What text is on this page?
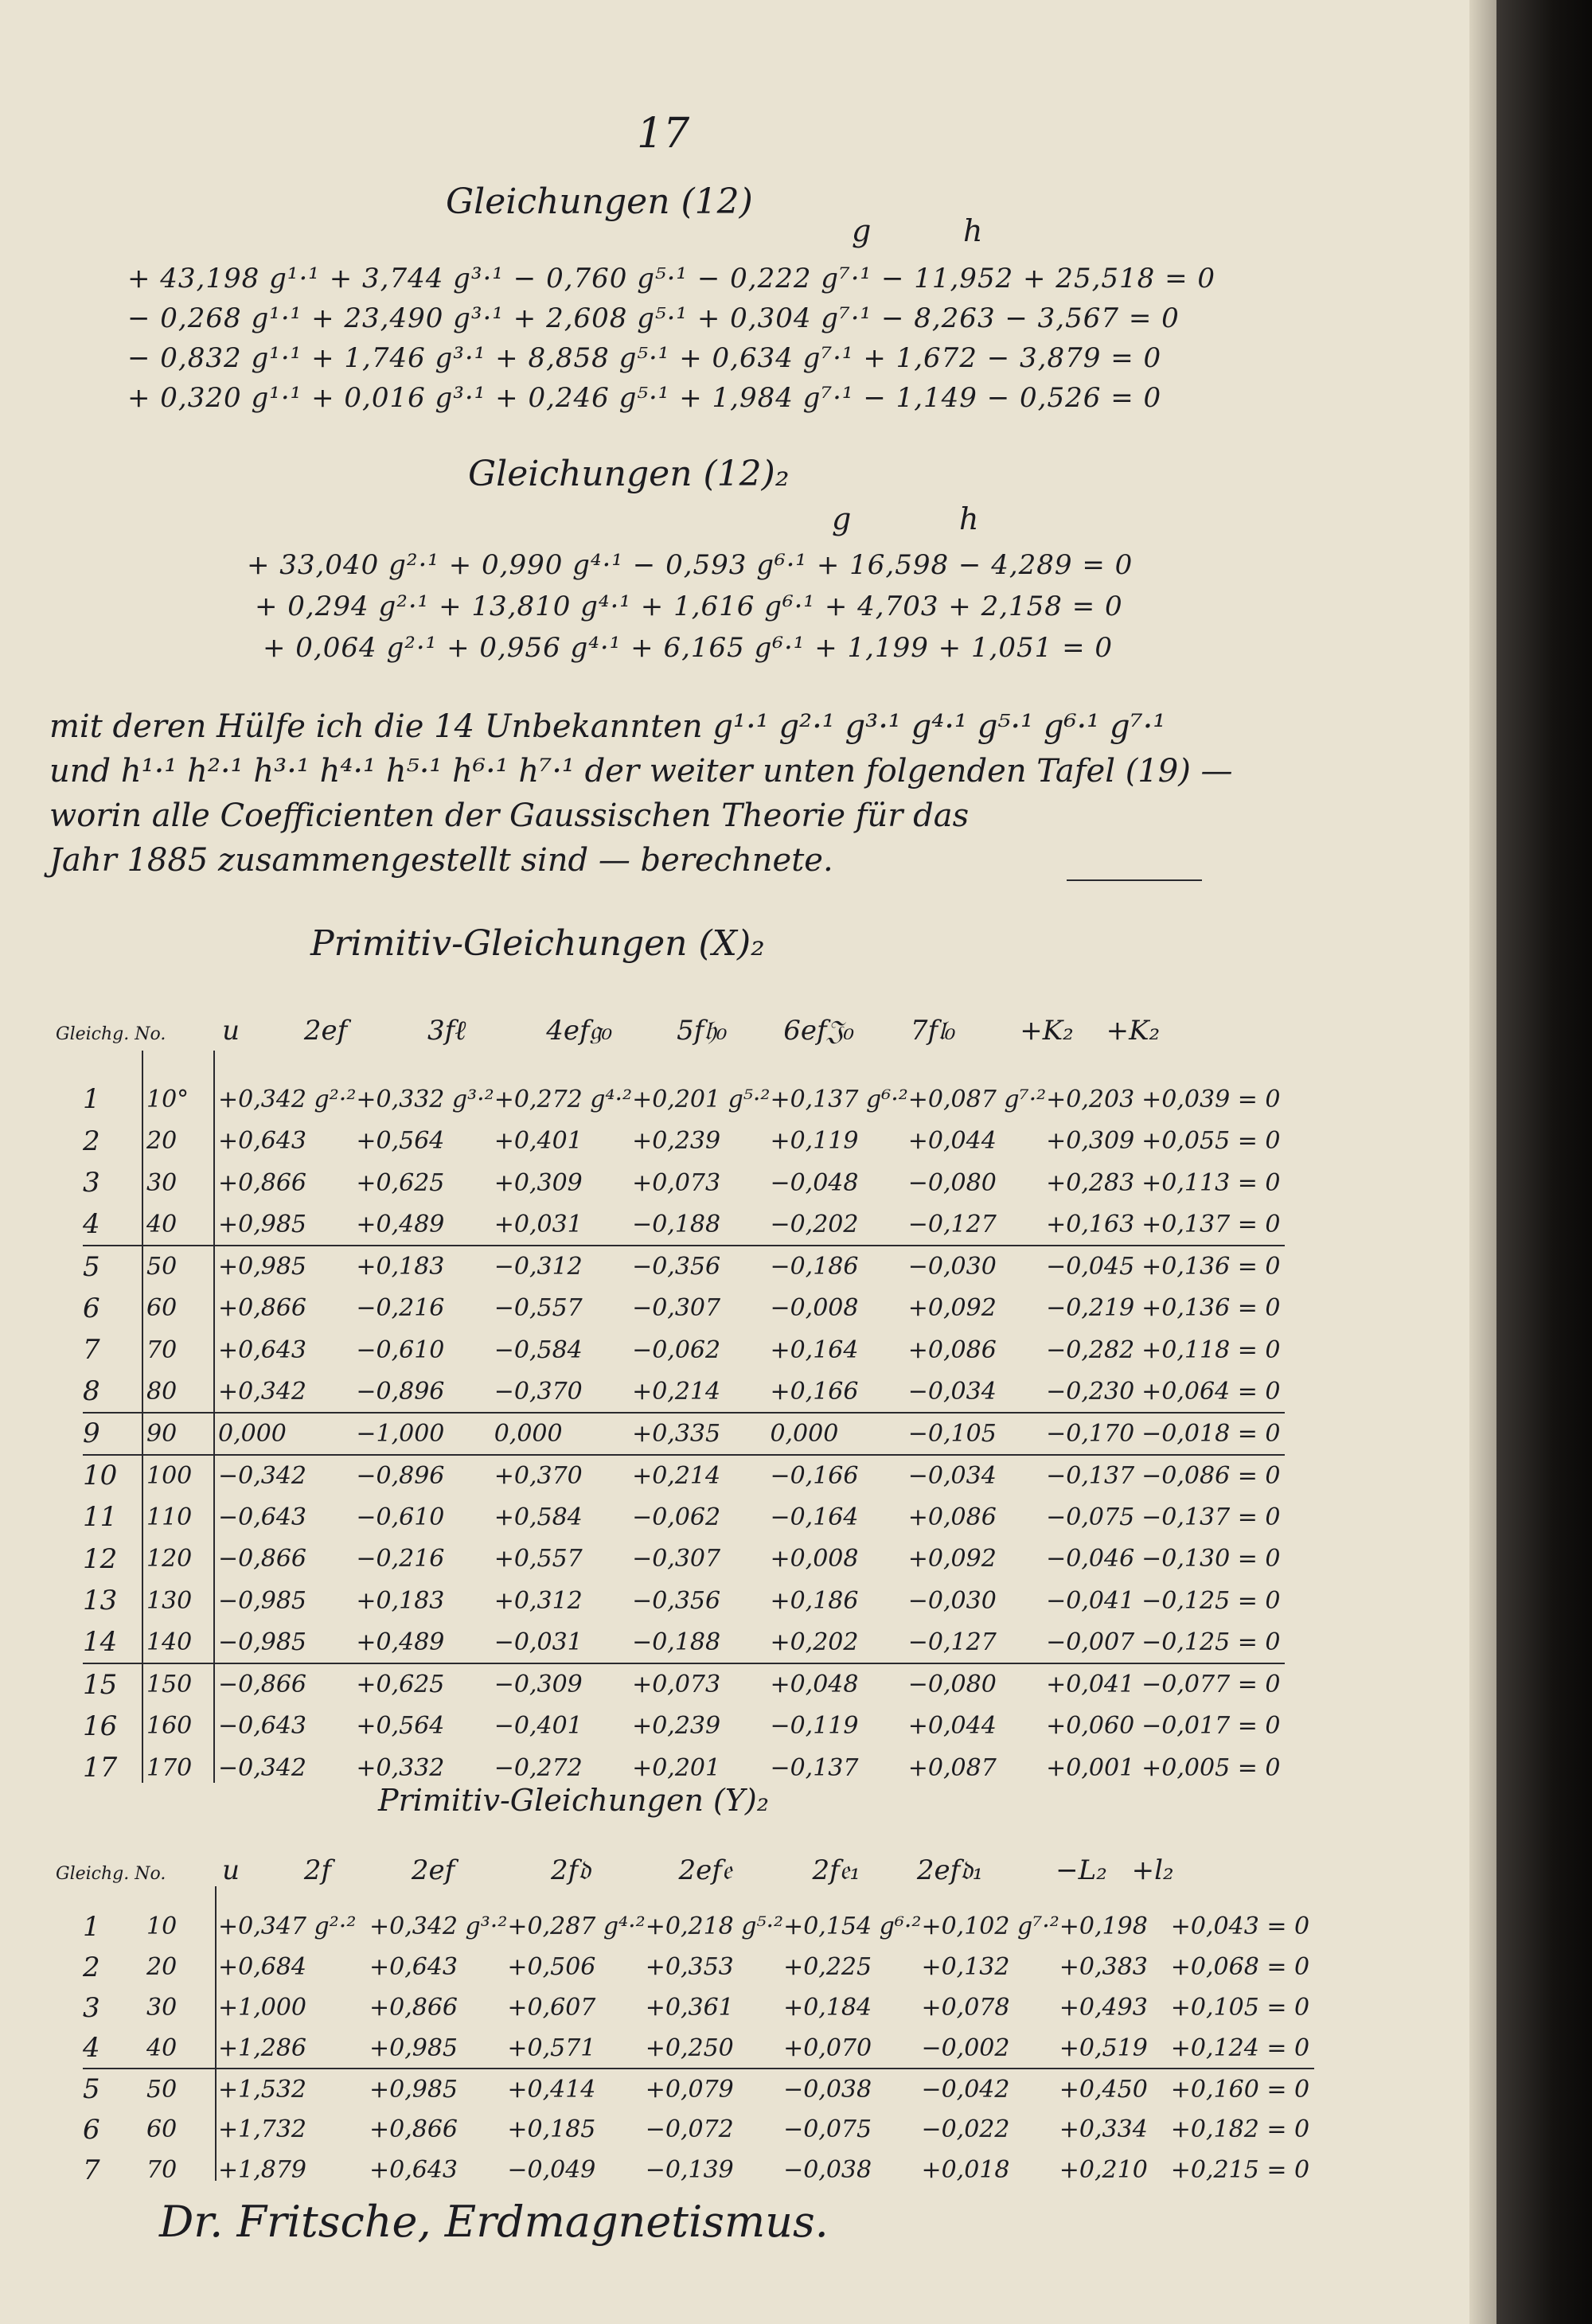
17
Gleichungen (12)
g	h
+ 43,198 g¹·¹ + 3,744 g³·¹ − 0,760 g⁵·¹ − 0,222 g⁷·¹ − 11,952 + 25,518 = 0
− 0,268 g¹·¹ + 23,490 g³·¹ + 2,608 g⁵·¹ + 0,304 g⁷·¹ − 8,263 − 3,567 = 0
− 0,832 g¹·¹ + 1,746 g³·¹ + 8,858 g⁵·¹ + 0,634 g⁷·¹ + 1,672 − 3,879 = 0
+ 0,320 g¹·¹ + 0,016 g³·¹ + 0,246 g⁵·¹ + 1,984 g⁷·¹ − 1,149 − 0,526 = 0
Gleichungen (12)₂
g	h
+ 33,040 g²·¹ + 0,990 g⁴·¹ − 0,593 g⁶·¹ + 16,598 − 4,289 = 0
+ 0,294 g²·¹ + 13,810 g⁴·¹ + 1,616 g⁶·¹ + 4,703 + 2,158 = 0
+ 0,064 g²·¹ + 0,956 g⁴·¹ + 6,165 g⁶·¹ + 1,199 + 1,051 = 0
mit deren Hülfe ich die 14 Unbekannten g¹·¹ g²·¹ g³·¹ g⁴·¹ g⁵·¹ g⁶·¹ g⁷·¹
und h¹·¹ h²·¹ h³·¹ h⁴·¹ h⁵·¹ h⁶·¹ h⁷·¹ der weiter unten folgenden Tafel (19) —
worin alle Coefficienten der Gaussischen Theorie für das
Jahr 1885 zusammengestellt sind — berechnete.
Primitiv-Gleichungen (X)₂
Gleichg. No. u 2ef	3fℓ	4ef𝔤₀ 5f𝔥₀ 6ef𝔍₀ 7f𝔩₀ +K₂ +K₂
1	10°	+0,342 g²·²	+0,332 g³·²	+0,272 g⁴·²	+0,201 g⁵·²	+0,137 g⁶·²	+0,087 g⁷·²	+0,203	+0,039 = 0
2	20	+0,643	+0,564	+0,401	+0,239	+0,119	+0,044	+0,309	+0,055 = 0
3	30	+0,866	+0,625	+0,309	+0,073	−0,048	−0,080	+0,283	+0,113 = 0
4	40	+0,985	+0,489	+0,031	−0,188	−0,202	−0,127	+0,163	+0,137 = 0
5	50	+0,985	+0,183	−0,312	−0,356	−0,186	−0,030	−0,045	+0,136 = 0
6	60	+0,866	−0,216	−0,557	−0,307	−0,008	+0,092	−0,219	+0,136 = 0
7	70	+0,643	−0,610	−0,584	−0,062	+0,164	+0,086	−0,282	+0,118 = 0
8	80	+0,342	−0,896	−0,370	+0,214	+0,166	−0,034	−0,230	+0,064 = 0
9	90	0,000	−1,000	0,000	+0,335	0,000	−0,105	−0,170	−0,018 = 0
10	100	−0,342	−0,896	+0,370	+0,214	−0,166	−0,034	−0,137	−0,086 = 0
11	110	−0,643	−0,610	+0,584	−0,062	−0,164	+0,086	−0,075	−0,137 = 0
12	120	−0,866	−0,216	+0,557	−0,307	+0,008	+0,092	−0,046	−0,130 = 0
13	130	−0,985	+0,183	+0,312	−0,356	+0,186	−0,030	−0,041	−0,125 = 0
14	140	−0,985	+0,489	−0,031	−0,188	+0,202	−0,127	−0,007	−0,125 = 0
15	150	−0,866	+0,625	−0,309	+0,073	+0,048	−0,080	+0,041	−0,077 = 0
16	160	−0,643	+0,564	−0,401	+0,239	−0,119	+0,044	+0,060	−0,017 = 0
17	170	−0,342	+0,332	−0,272	+0,201	−0,137	+0,087	+0,001	+0,005 = 0
Primitiv-Gleichungen (Y)₂
Gleichg. No. u 2f	2ef	2f𝔡	2ef𝔢	2f𝔢₁ 2ef𝔡₁	−L₂ +l₂
1	10	+0,347 g²·²	+0,342 g³·²	+0,287 g⁴·²	+0,218 g⁵·²	+0,154 g⁶·²	+0,102 g⁷·²	+0,198	+0,043 = 0
2	20	+0,684	+0,643	+0,506	+0,353	+0,225	+0,132	+0,383	+0,068 = 0
3	30	+1,000	+0,866	+0,607	+0,361	+0,184	+0,078	+0,493	+0,105 = 0
4	40	+1,286	+0,985	+0,571	+0,250	+0,070	−0,002	+0,519	+0,124 = 0
5	50	+1,532	+0,985	+0,414	+0,079	−0,038	−0,042	+0,450	+0,160 = 0
6	60	+1,732	+0,866	+0,185	−0,072	−0,075	−0,022	+0,334	+0,182 = 0
7	70	+1,879	+0,643	−0,049	−0,139	−0,038	+0,018	+0,210	+0,215 = 0
Dr. Fritsche, Erdmagnetismus.
